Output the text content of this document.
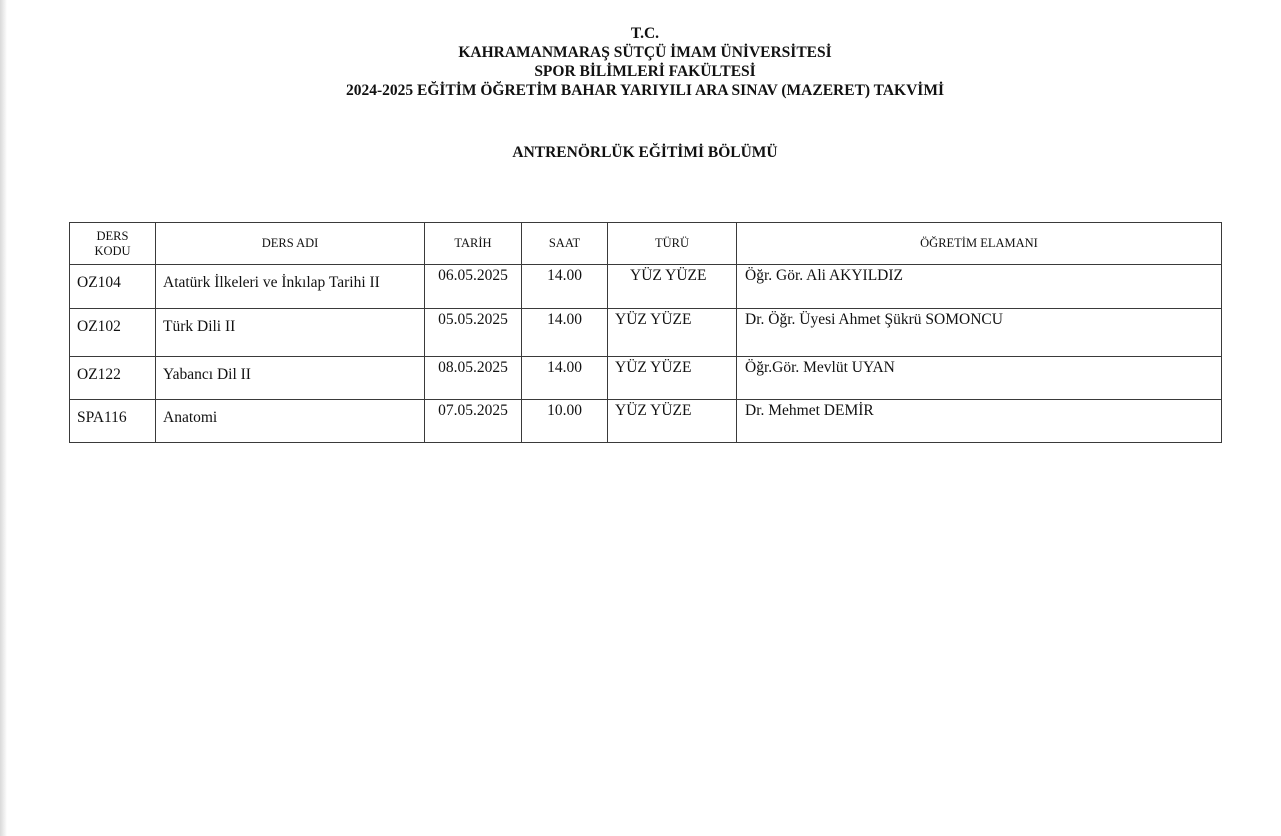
T.C.
KAHRAMANMARAŞ SÜTÇÜ İMAM ÜNİVERSİTESİ
SPOR BİLİMLERİ FAKÜLTESİ
2024-2025 EĞİTİM ÖĞRETİM BAHAR YARIYILI ARA SINAV (MAZERET) TAKVİMİ
ANTRENÖRLÜK EĞİTİMİ BÖLÜMÜ
DERS
KODU	DERS ADI	TARİH	SAAT	TÜRÜ	ÖĞRETİM ELAMANI
OZ104	Atatürk İlkeleri ve İnkılap Tarihi II	06.05.2025	14.00	YÜZ YÜZE	Öğr. Gör. Ali AKYILDIZ
OZ102	Türk Dili II	05.05.2025	14.00	YÜZ YÜZE	Dr. Öğr. Üyesi Ahmet Şükrü SOMONCU
OZ122	Yabancı Dil II	08.05.2025	14.00	YÜZ YÜZE	Öğr.Gör. Mevlüt UYAN
SPA116	Anatomi	07.05.2025	10.00	YÜZ YÜZE	Dr. Mehmet DEMİR
